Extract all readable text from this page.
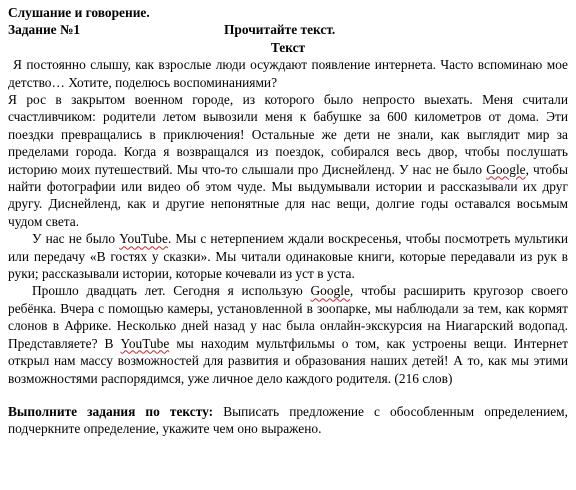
Слушание и говорение.
Задание №1	Прочитайте текст.
Текст

Я постоянно слышу, как взрослые люди осуждают появление интернета. Часто вспоминаю мое детство… Хотите, поделюсь воспоминаниями?

Я рос в закрытом военном городе, из которого было непросто выехать. Меня считали счастливчиком: родители летом вывозили меня к бабушке за 600 километров от дома. Эти поездки превращались в приключения! Остальные же дети не знали, как выглядит мир за пределами города. Когда я возвращался из поездок, собирался весь двор, чтобы послушать историю моих путешествий. Мы что-то слышали про Диснейленд. У нас не было Google, чтобы найти фотографии или видео об этом чуде. Мы выдумывали истории и рассказывали их друг другу. Диснейленд, как и другие непонятные для нас вещи, долгие годы оставался восьмым чудом света.

У нас не было YouTube. Мы с нетерпением ждали воскресенья, чтобы посмотреть мультики или передачу «В гостях у сказки». Мы читали одинаковые книги, которые передавали из рук в руки; рассказывали истории, которые кочевали из уст в уста.

Прошло двадцать лет. Сегодня я использую Google, чтобы расширить кругозор своего ребёнка. Вчера с помощью камеры, установленной в зоопарке, мы наблюдали за тем, как кормят слонов в Африке. Несколько дней назад у нас была онлайн-экскурсия на Ниагарский водопад. Представляете? В YouTube мы находим мультфильмы о том, как устроены вещи. Интернет открыл нам массу возможностей для развития и образования наших детей! А то, как мы этими возможностями распорядимся, уже личное дело каждого родителя. (216 слов)

Выполните задания по тексту: Выписать предложение с обособленным определением, подчеркните определение, укажите чем оно выражено.
